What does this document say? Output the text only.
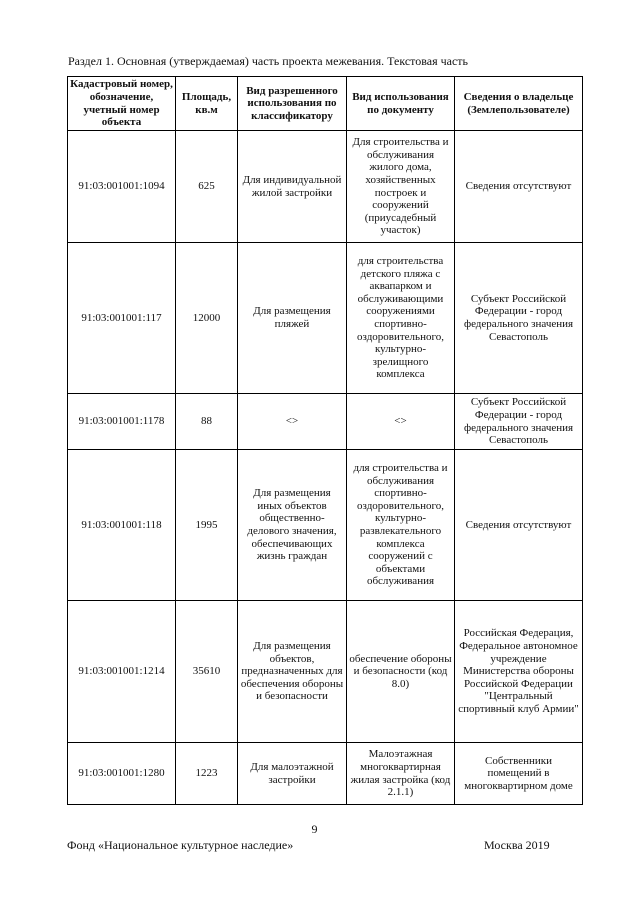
Раздел 1. Основная (утверждаемая) часть проекта межевания. Текстовая часть
Кадастровый номер, обозначение, учетный номер объекта	Площадь, кв.м	Вид разрешенного использования по классификатору	Вид использования по документу	Сведения о владельце (Землепользователе)
91:03:001001:1094	625	Для индивидуальной жилой застройки	Для строительства и обслуживания жилого дома, хозяйственных построек и сооружений (приусадебный участок)	Сведения отсутствуют
91:03:001001:117	12000	Для размещения пляжей	для строительства детского пляжа с аквапарком и обслуживающими сооружениями спортивно-оздоровительного, культурно-зрелищного комплекса	Субъект Российской Федерации - город федерального значения Севастополь
91:03:001001:1178	88	<>	<>	Субъект Российской Федерации - город федерального значения Севастополь
91:03:001001:118	1995	Для размещения иных объектов общественно-делового значения, обеспечивающих жизнь граждан	для строительства и обслуживания спортивно-оздоровительного, культурно-развлекательного комплекса сооружений с объектами обслуживания	Сведения отсутствуют
91:03:001001:1214	35610	Для размещения объектов, предназначенных для обеспечения обороны и безопасности	обеспечение обороны и безопасности (код 8.0)	Российская Федерация, Федеральное автономное учреждение Министерства обороны Российской Федерации "Центральный спортивный клуб Армии"
91:03:001001:1280	1223	Для малоэтажной застройки	Малоэтажная многоквартирная жилая застройка (код 2.1.1)	Собственники помещений в многоквартирном доме
9
Фонд «Национальное культурное наследие»	Москва 2019
